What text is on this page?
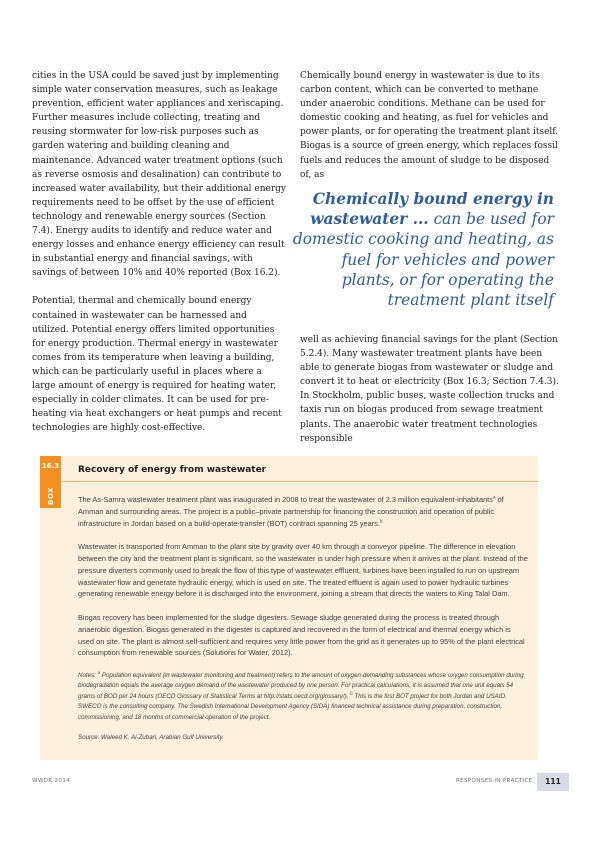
cities in the USA could be saved just by implementing simple water conservation measures, such as leakage prevention, efficient water appliances and xeriscaping. Further measures include collecting, treating and reusing stormwater for low-risk purposes such as garden watering and building cleaning and maintenance. Advanced water treatment options (such as reverse osmosis and desalination) can contribute to increased water availability, but their additional energy requirements need to be offset by the use of efficient technology and renewable energy sources (Section 7.4). Energy audits to identify and reduce water and energy losses and enhance energy efficiency can result in substantial energy and financial savings, with savings of between 10% and 40% reported (Box 16.2).

Potential, thermal and chemically bound energy contained in wastewater can be harnessed and utilized. Potential energy offers limited opportunities for energy production. Thermal energy in wastewater comes from its temperature when leaving a building, which can be particularly useful in places where a large amount of energy is required for heating water, especially in colder climates. It can be used for pre-heating via heat exchangers or heat pumps and recent technologies are highly cost-effective.

Chemically bound energy in wastewater is due to its carbon content, which can be converted to methane under anaerobic conditions. Methane can be used for domestic cooking and heating, as fuel for vehicles and power plants, or for operating the treatment plant itself. Biogas is a source of green energy, which replaces fossil fuels and reduces the amount of sludge to be disposed of, as

Chemically bound energy in wastewater ... can be used for domestic cooking and heating, as fuel for vehicles and power plants, or for operating the treatment plant itself

well as achieving financial savings for the plant (Section 5.2.4). Many wastewater treatment plants have been able to generate biogas from wastewater or sludge and convert it to heat or electricity (Box 16.3; Section 7.4.3). In Stockholm, public buses, waste collection trucks and taxis run on biogas produced from sewage treatment plants. The anaerobic water treatment technologies responsible

16.3
BOX
Recovery of energy from wastewater

The As-Samra wastewater treatment plant was inaugurated in 2008 to treat the wastewater of 2.3 million equivalent-inhabitants$^a$ of Amman and surrounding areas. The project is a public–private partnership for financing the construction and operation of public infrastructure in Jordan based on a build-operate-transfer (BOT) contract spanning 25 years.$^b$

Wastewater is transported from Amman to the plant site by gravity over 40 km through a conveyor pipeline. The difference in elevation between the city and the treatment plant is significant, so the wastewater is under high pressure when it arrives at the plant. Instead of the pressure diverters commonly used to break the flow of this type of wastewater effluent, turbines have been installed to run on upstream wastewater flow and generate hydraulic energy, which is used on site. The treated effluent is again used to power hydraulic turbines generating renewable energy before it is discharged into the environment, joining a stream that directs the waters to King Talal Dam.

Biogas recovery has been implemented for the sludge digesters. Sewage sludge generated during the process is treated through anaerobic digestion. Biogas generated in the digester is captured and recovered in the form of electrical and thermal energy which is used on site. The plant is almost self-sufficient and requires very little power from the grid as it generates up to 95% of the plant electrical consumption from renewable sources (Solutions for Water, 2012).

Notes: $^a$ Population equivalent (in wastewater monitoring and treatment) refers to the amount of oxygen-demanding substances whose oxygen consumption during biodegradation equals the average oxygen demand of the wastewater produced by one person. For practical calculations, it is assumed that one unit equals 54 grams of BOD per 24 hours (OECD Glossary of Statistical Terms at http://stats.oecd.org/glossary/). $^b$ This is the first BOT project for both Jordan and USAID. SWECO is the consulting company. The Swedish International Development Agency (SIDA) financed technical assistance during preparation, construction, commissioning, and 18 months of commercial operation of the project.

Source: Waleed K. Al-Zubari, Arabian Gulf University.

WWDR 2014	RESPONSES IN PRACTICE	111
